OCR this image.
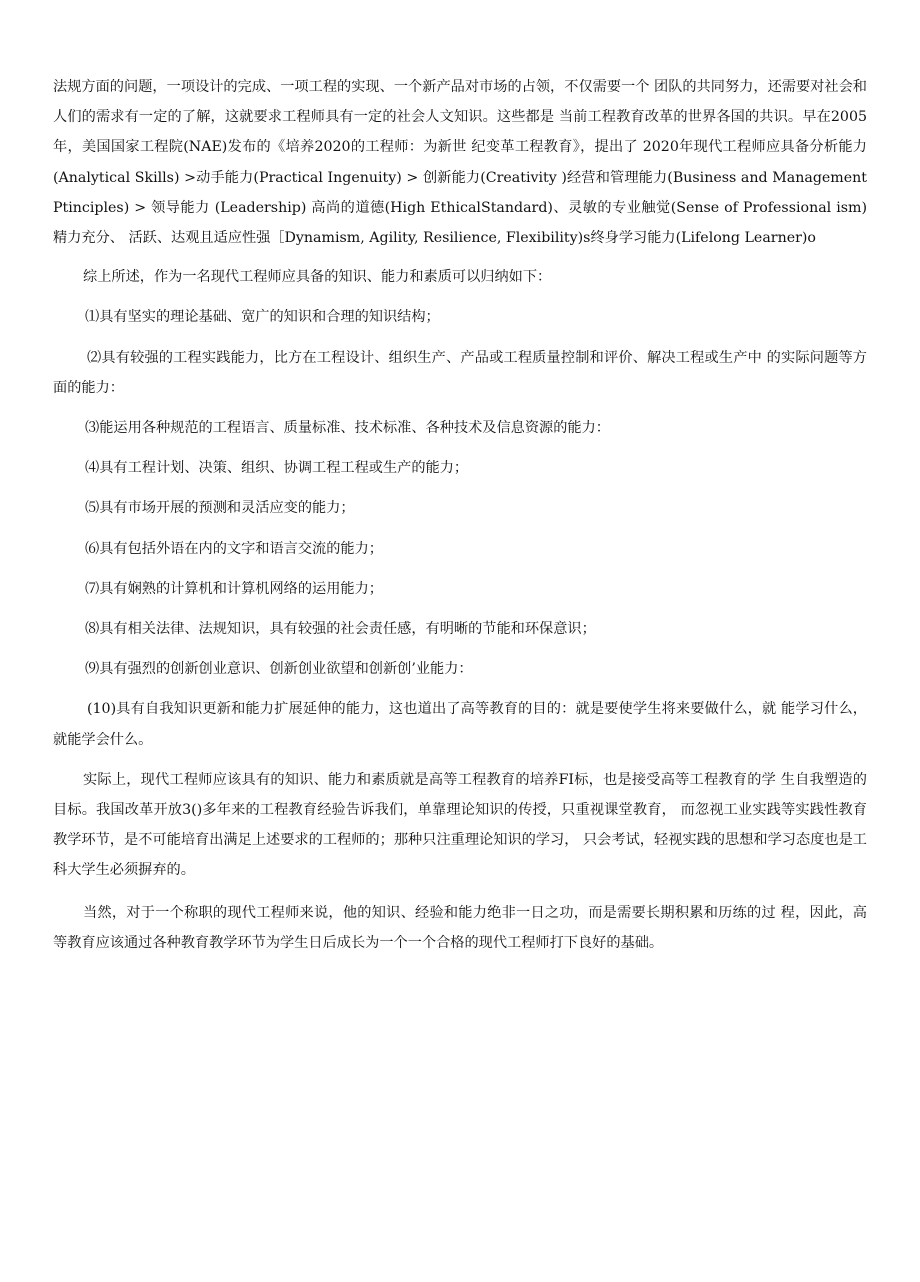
法规方面的问题，一项设计的完成、一项工程的实现、一个新产品对市场的占领，不仅需要一个 团队的共同努力，还需要对社会和人们的需求有一定的了解，这就要求工程师具有一定的社会人文知识。这些都是 当前工程教育改革的世界各国的共识。早在2005年，美国国家工程院(NAE)发布的《培养2020的工程师：为新世 纪变革工程教育》，提出了 2020年现代工程师应具备分析能力(Analytical Skills) >动手能力(Practical Ingenuity) > 创新能力(Creativity )经营和管理能力(Business and Management Ptinciples) > 领导能力 (Leadership) 高尚的道德(High EthicalStandard)、灵敏的专业触觉(Sense of Professional ism)精力充分、 活跃、达观且适应性强［Dynamism, Agility, Resilience, Flexibility)s终身学习能力(Lifelong Learner)o

综上所述，作为一名现代工程师应具备的知识、能力和素质可以归纳如下：

⑴具有坚实的理论基础、宽广的知识和合理的知识结构；

⑵具有较强的工程实践能力，比方在工程设计、组织生产、产品或工程质量控制和评价、解决工程或生产中 的实际问题等方面的能力：

⑶能运用各种规范的工程语言、质量标准、技术标准、各种技术及信息资源的能力：

⑷具有工程计划、决策、组织、协调工程工程或生产的能力；

⑸具有市场开展的预测和灵活应变的能力；

⑹具有包括外语在内的文字和语言交流的能力；

⑺具有娴熟的计算机和计算机网络的运用能力；

⑻具有相关法律、法规知识，具有较强的社会责任感，有明晰的节能和环保意识；

⑼具有强烈的创新创业意识、创新创业欲望和创新创’业能力：

(10)具有自我知识更新和能力扩展延伸的能力，这也道出了高等教育的目的：就是要使学生将来要做什么，就 能学习什么，就能学会什么。

实际上，现代工程师应该具有的知识、能力和素质就是高等工程教育的培养FI标，也是接受高等工程教育的学 生自我塑造的目标。我国改革开放3()多年来的工程教育经验告诉我们，单靠理论知识的传授，只重视课堂教育， 而忽视工业实践等实践性教育教学环节，是不可能培育出满足上述要求的工程师的；那种只注重理论知识的学习， 只会考试，轻视实践的思想和学习态度也是工科大学生必须摒弃的。

当然，对于一个称职的现代工程师来说，他的知识、经验和能力绝非一日之功，而是需要长期积累和历练的过 程，因此，高等教育应该通过各种教育教学环节为学生日后成长为一个一个合格的现代工程师打下良好的基础。
